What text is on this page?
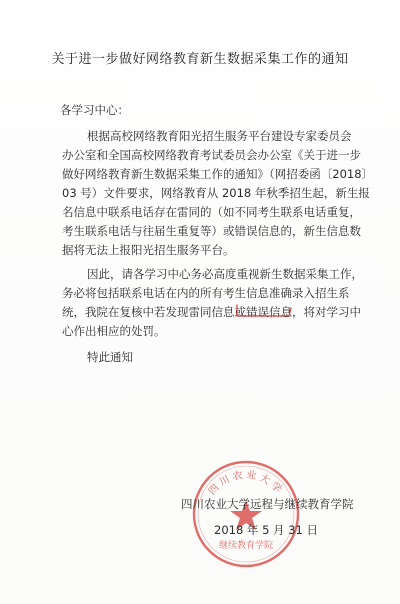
关于进一步做好网络教育新生数据采集工作的通知
各学习中心：
根据高校网络教育阳光招生服务平台建设专家委员会
办公室和全国高校网络教育考试委员会办公室《关于进一步
做好网络教育新生数据采集工作的通知》（网招委函〔2018〕
03 号）文件要求，网络教育从 2018 年秋季招生起，新生报
名信息中联系电话存在雷同的（如不同考生联系电话重复，
考生联系电话与往届生重复等）或错误信息的，新生信息数
据将无法上报阳光招生服务平台。
因此，请各学习中心务必高度重视新生数据采集工作，
务必将包括联系电话在内的所有考生信息准确录入招生系
统，我院在复核中若发现雷同信息或错误信息，将对学习中
心作出相应的处罚。
特此通知
四川农业大学
继续教育学院
四川农业大学远程与继续教育学院
2018 年 5 月 31 日
